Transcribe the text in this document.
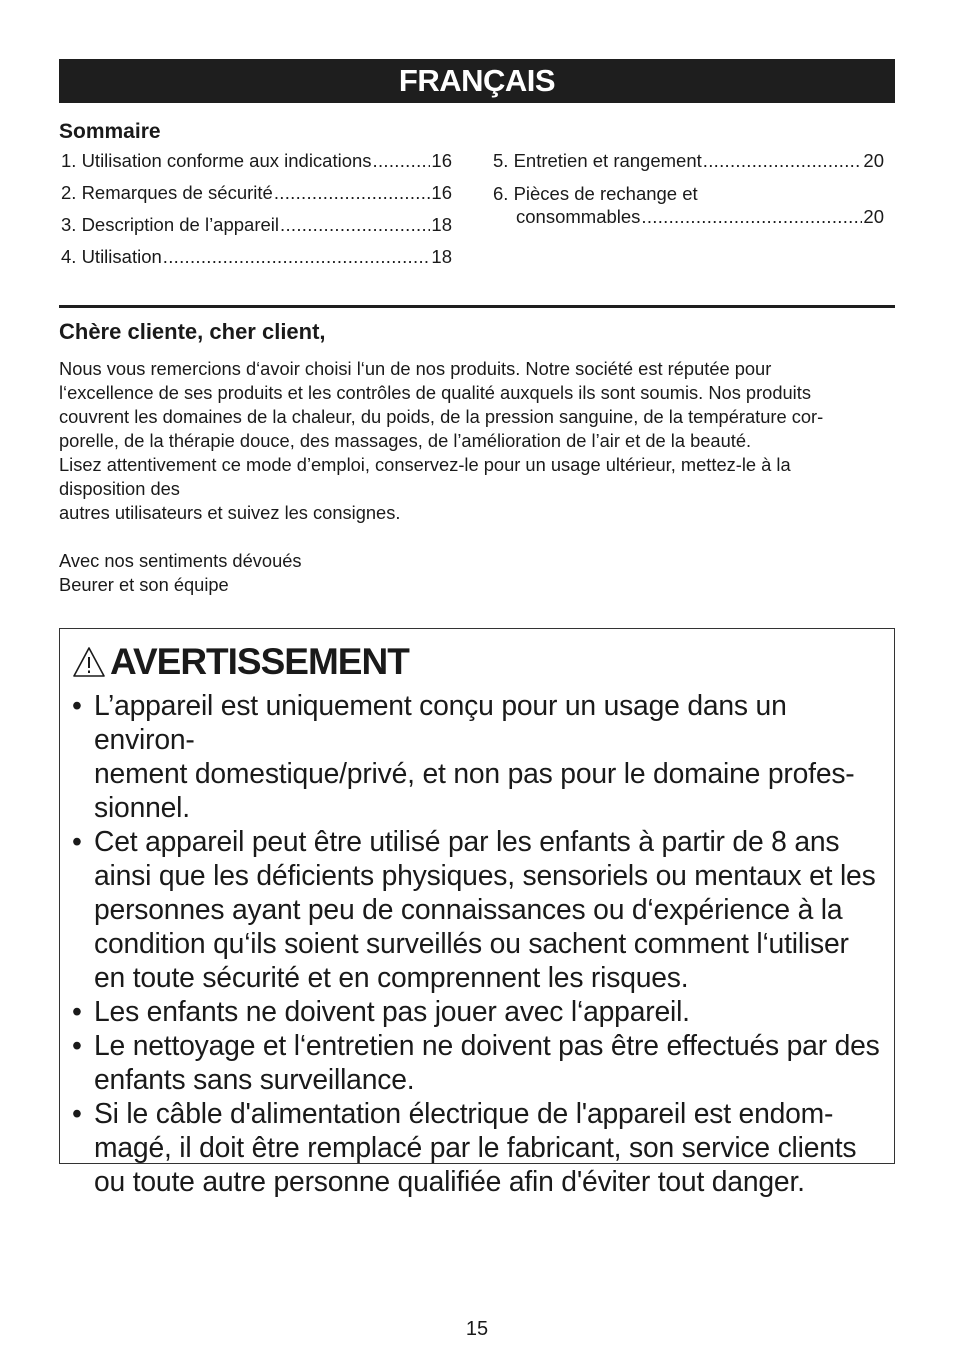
FRANÇAIS
Sommaire
1. Utilisation conforme aux indications .....	16
2. Remarques de sécurité .....	16
3. Description de l’appareil .....	18
4. Utilisation .....	18
5. Entretien et rangement .....	20
6. Pièces de rechange et
consommables .....	20
Chère cliente, cher client,

Nous vous remercions d‘avoir choisi l‘un de nos produits. Notre société est réputée pour

l‘excellence de ses produits et les contrôles de qualité auxquels ils sont soumis. Nos produits

couvrent les domaines de la chaleur, du poids, de la pression sanguine, de la température cor-

porelle, de la thérapie douce, des massages, de l’amélioration de l’air et de la beauté.

Lisez attentivement ce mode d’emploi, conservez-le pour un usage ultérieur, mettez-le à la

disposition des

autres utilisateurs et suivez les consignes.

Avec nos sentiments dévoués

Beurer et son équipe

AVERTISSEMENT
• L’appareil est uniquement conçu pour un usage dans un environ-
nement domestique/privé, et non pas pour le domaine profes-
sionnel.
• Cet appareil peut être utilisé par les enfants à partir de 8 ans
ainsi que les déficients physiques, sensoriels ou mentaux et les
personnes ayant peu de connaissances ou d‘expérience à la
condition qu‘ils soient surveillés ou sachent comment l‘utiliser
en toute sécurité et en comprennent les risques.
• Les enfants ne doivent pas jouer avec l‘appareil.
• Le nettoyage et l‘entretien ne doivent pas être effectués par des
enfants sans surveillance.
• Si le câble d'alimentation électrique de l'appareil est endom-
magé, il doit être remplacé par le fabricant, son service clients
ou toute autre personne qualifiée afin d'éviter tout danger.
15
